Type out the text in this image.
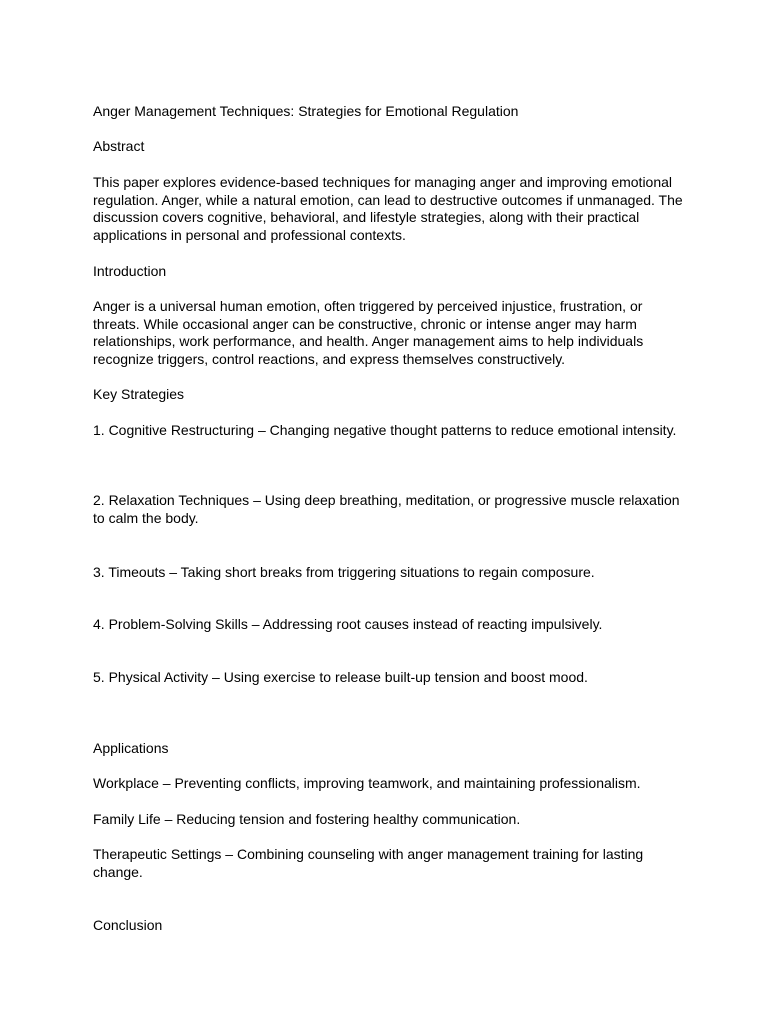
Anger Management Techniques: Strategies for Emotional Regulation

Abstract

This paper explores evidence-based techniques for managing anger and improving emotional regulation. Anger, while a natural emotion, can lead to destructive outcomes if unmanaged. The discussion covers cognitive, behavioral, and lifestyle strategies, along with their practical applications in personal and professional contexts.

Introduction

Anger is a universal human emotion, often triggered by perceived injustice, frustration, or threats. While occasional anger can be constructive, chronic or intense anger may harm relationships, work performance, and health. Anger management aims to help individuals recognize triggers, control reactions, and express themselves constructively.

Key Strategies

1. Cognitive Restructuring – Changing negative thought patterns to reduce emotional intensity.

2. Relaxation Techniques – Using deep breathing, meditation, or progressive muscle relaxation to calm the body.

3. Timeouts – Taking short breaks from triggering situations to regain composure.

4. Problem-Solving Skills – Addressing root causes instead of reacting impulsively.

5. Physical Activity – Using exercise to release built-up tension and boost mood.

Applications

Workplace – Preventing conflicts, improving teamwork, and maintaining professionalism.

Family Life – Reducing tension and fostering healthy communication.

Therapeutic Settings – Combining counseling with anger management training for lasting change.

Conclusion
